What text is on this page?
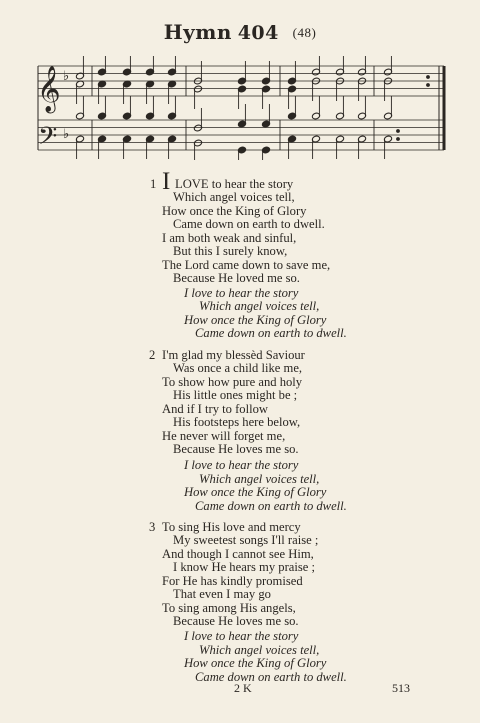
Hymn 404 (48)
𝄞
𝄢
♭
♭
1 I LOVE to hear the story
Which angel voices tell,
How once the King of Glory
Came down on earth to dwell.
I am both weak and sinful,
But this I surely know,
The Lord came down to save me,
Because He loved me so.
I love to hear the story
Which angel voices tell,
How once the King of Glory
Came down on earth to dwell.
2 I'm glad my blessèd Saviour
Was once a child like me,
To show how pure and holy
His little ones might be ;
And if I try to follow
His footsteps here below,
He never will forget me,
Because He loves me so.
I love to hear the story
Which angel voices tell,
How once the King of Glory
Came down on earth to dwell.
3 To sing His love and mercy
My sweetest songs I'll raise ;
And though I cannot see Him,
I know He hears my praise ;
For He has kindly promised
That even I may go
To sing among His angels,
Because He loves me so.
I love to hear the story
Which angel voices tell,
How once the King of Glory
Came down on earth to dwell.
2 K	513
